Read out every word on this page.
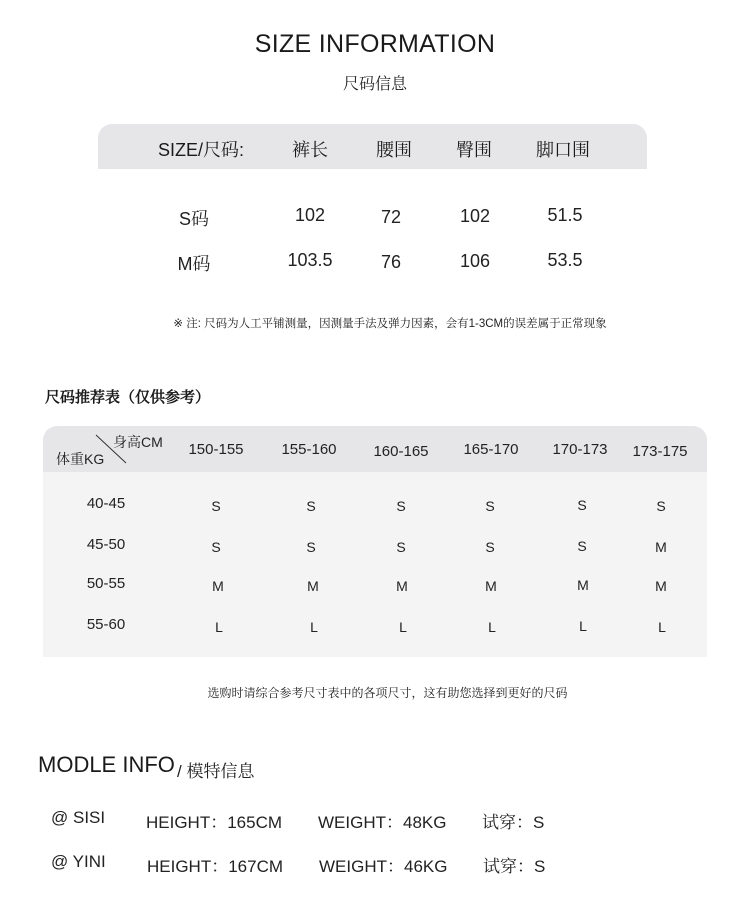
SIZE INFORMATION
尺码信息
SIZE/尺码:	裤长	腰围 臀围 脚口围
S码	102	72	102	51.5
M码	103.5	76	106	53.5
※ 注: 尺码为人工平铺测量，因测量手法及弹力因素，会有1-3CM的误差属于正常现象
尺码推荐表（仅供参考）
身高CM
体重KG
150-155	155-160 160-165 165-170 170-173 173-175
40-45	S	S	S	S	S	S
45-50	S	S	S	S	S	M
50-55	M	M	M	M	M	M
55-60	L	L	L	L	L	L
选购时请综合参考尺寸表中的各项尺寸，这有助您选择到更好的尺码
MODLE INFO / 模特信息
@ SISI HEIGHT：165CM WEIGHT：48KG 试穿：S
@ YINI HEIGHT：167CM WEIGHT：46KG 试穿：S
